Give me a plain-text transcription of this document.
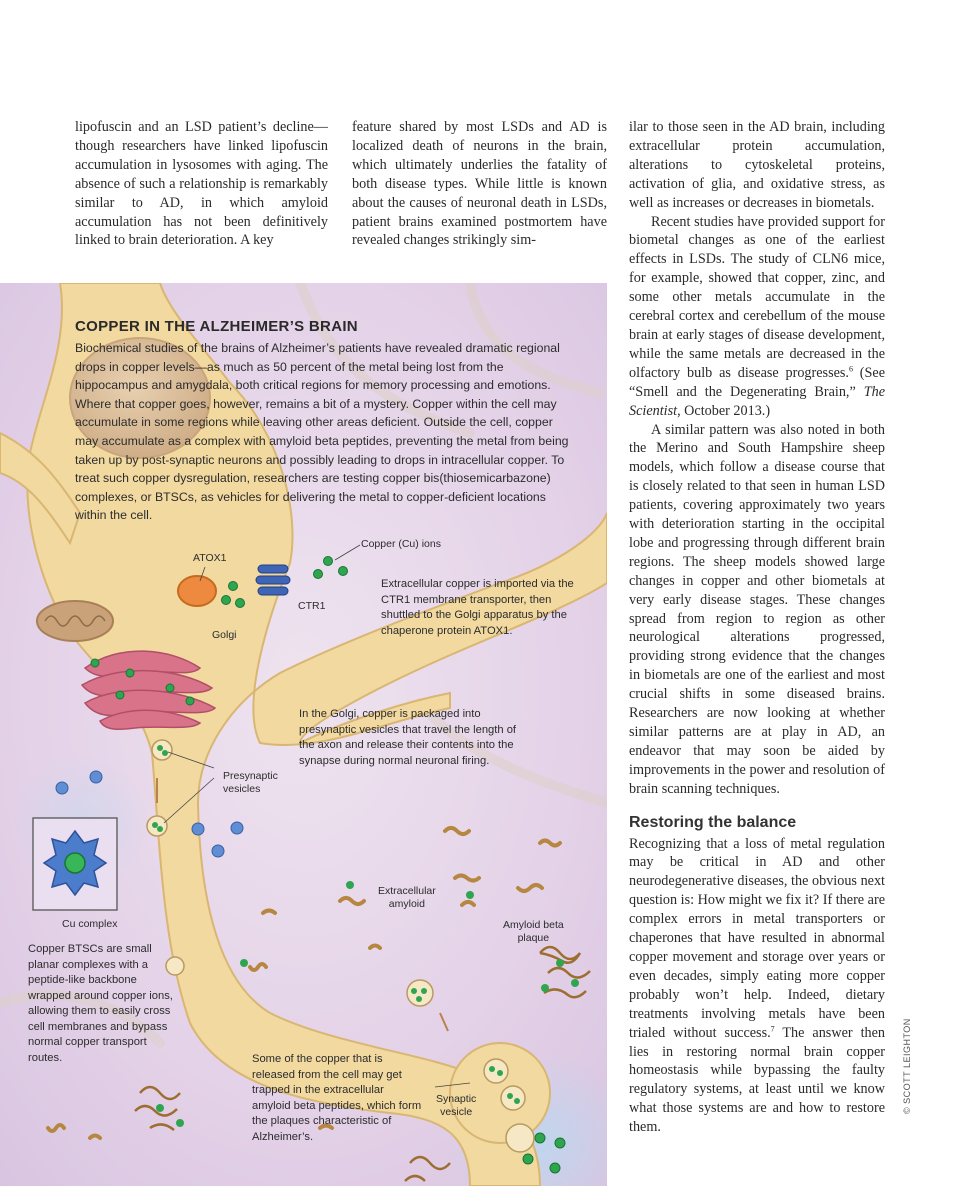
lipofuscin and an LSD patient’s decline—though researchers have linked lipofuscin accumulation in lysosomes with aging. The absence of such a relationship is remarkably similar to AD, in which amyloid accumulation has not been definitively linked to brain deterioration. A key

feature shared by most LSDs and AD is localized death of neurons in the brain, which ultimately underlies the fatality of both disease types. While little is known about the causes of neuronal death in LSDs, patient brains examined postmortem have revealed changes strikingly sim-

ilar to those seen in the AD brain, including extracellular protein accumulation, alterations to cytoskeletal proteins, activation of glia, and oxidative stress, as well as increases or decreases in biometals.

Recent studies have provided support for biometal changes as one of the earliest effects in LSDs. The study of CLN6 mice, for example, showed that copper, zinc, and some other metals accumulate in the cerebral cortex and cerebellum of the mouse brain at early stages of disease development, while the same metals are decreased in the olfactory bulb as disease progresses.$^6$ (See “Smell and the Degenerating Brain,” The Scientist, October 2013.)

A similar pattern was also noted in both the Merino and South Hampshire sheep models, which follow a disease course that is closely related to that seen in human LSD patients, covering approximately two years with deterioration starting in the occipital lobe and progressing through different brain regions. The sheep models showed large changes in copper and other biometals at very early disease stages. These changes spread from region to region as other neurological alterations progressed, providing strong evidence that the changes in biometals are one of the earliest and most crucial shifts in some diseased brains. Researchers are now looking at whether similar patterns are at play in AD, an endeavor that may soon be aided by improvements in the power and resolution of brain scanning techniques.

Restoring the balance

Recognizing that a loss of metal regulation may be critical in AD and other neurodegenerative diseases, the obvious next question is: How might we fix it? If there are complex errors in metal transporters or chaperones that have resulted in abnormal copper movement and storage over years or even decades, simply eating more copper probably won’t help. Indeed, dietary treatments involving metals have been trialed without success.$^7$ The answer then lies in restoring normal brain copper homeostasis while bypassing the faulty regulatory systems, at least until we know what those systems are and how to restore them.

© SCOTT LEIGHTON
COPPER IN THE ALZHEIMER’S BRAIN
Biochemical studies of the brains of Alzheimer’s patients have revealed dramatic regional drops in copper levels—as much as 50 percent of the metal being lost from the hippocampus and amygdala, both critical regions for memory processing and emotions. Where that copper goes, however, remains a bit of a mystery. Copper within the cell may accumulate in some regions while leaving other areas deficient. Outside the cell, copper may accumulate as a complex with amyloid beta peptides, preventing the metal from being taken up by post-synaptic neurons and possibly leading to drops in intracellular copper. To treat such copper dysregulation, researchers are testing copper bis(thiosemicarbazone) complexes, or BTSCs, as vehicles for delivering the metal to copper-deficient locations within the cell.
Copper (Cu) ions
ATOX1
CTR1
Golgi
Presynaptic
vesicles
Extracellular
amyloid
Amyloid beta
plaque
Synaptic
vesicle
Cu complex
Extracellular copper is imported via the CTR1 membrane transporter, then shuttled to the Golgi apparatus by the chaperone protein ATOX1.
In the Golgi, copper is packaged into presynaptic vesicles that travel the length of the axon and release their contents into the synapse during normal neuronal firing.
Copper BTSCs are small planar complexes with a peptide-like backbone wrapped around copper ions, allowing them to easily cross cell membranes and bypass normal copper transport routes.	Some of the copper that is released from the cell may get trapped in the extracellular amyloid beta peptides, which form the plaques characteristic of Alzheimer’s.
